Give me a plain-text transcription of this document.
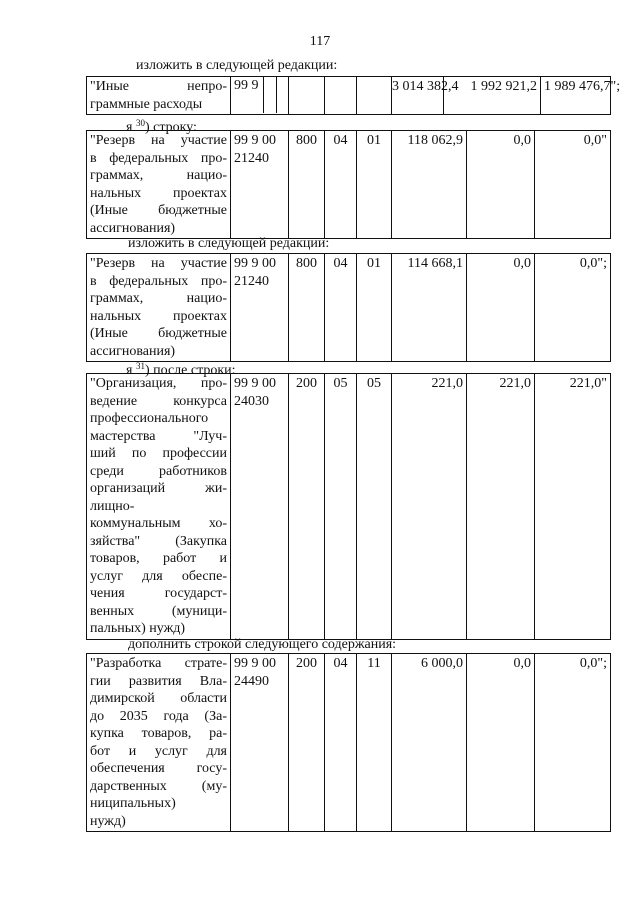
117
изложить в следующей редакции:
"Иные непро-
граммные расходы

99 9				3 014 382,4	1 992 921,2	1 989 476,7";
я $^{30}$) строку:
"Резерв на участие
в федеральных про-
граммах, нацио-
нальных проектах
(Иные бюджетные
ассигнования)

99 9 00
21240
	800	04	01	118 062,9	0,0	0,0"
изложить в следующей редакции:
"Резерв на участие
в федеральных про-
граммах, нацио-
нальных проектах
(Иные бюджетные
ассигнования)

99 9 00
21240
	800	04	01	114 668,1	0,0	0,0";
я $^{31}$) после строки:
"Организация, про-
ведение конкурса
профессионального
мастерства "Луч-
ший по профессии
среди работников
организаций жи-
лищно-
коммунальным хо-
зяйства" (Закупка
товаров, работ и
услуг для обеспе-
чения государст-
венных (муници-
пальных) нужд)

99 9 00
24030
	200	05	05	221,0	221,0	221,0"
дополнить строкой следующего содержания:
"Разработка страте-
гии развития Вла-
димирской области
до 2035 года (За-
купка товаров, ра-
бот и услуг для
обеспечения госу-
дарственных (му-
ниципальных)
нужд)

99 9 00
24490
	200	04	11	6 000,0	0,0	0,0";
